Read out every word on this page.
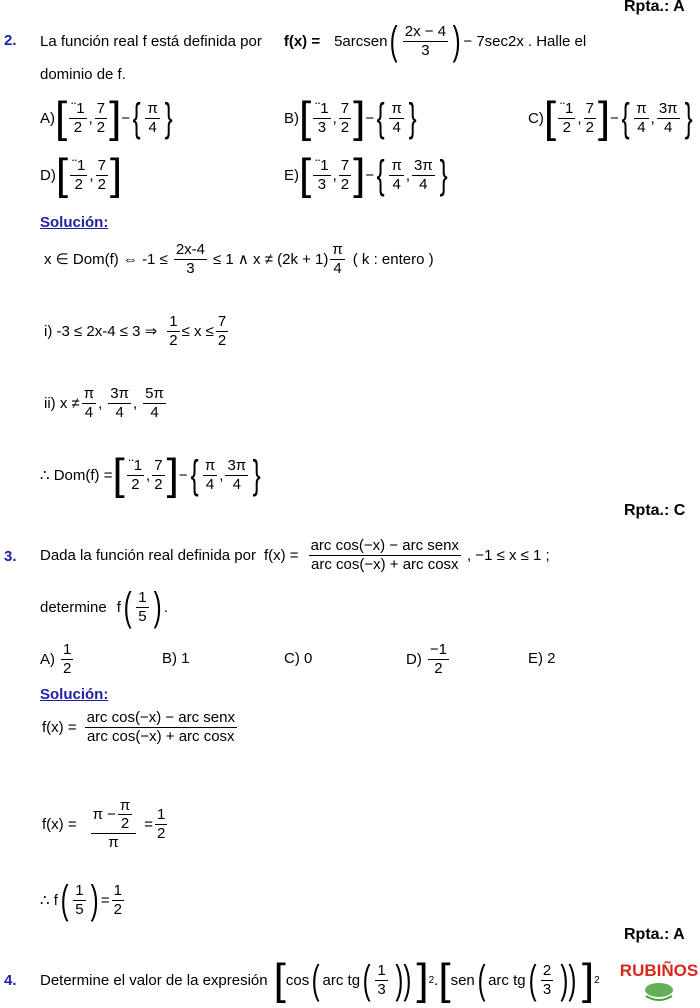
Rpta.: A
2. La función real f está definida por f(x) = 5arcsen ( $\frac{2x - 4}{3}$ ) − 7sec2x . Halle el
dominio de f.
A) [ $\frac{¨1}{2}$ , $\frac{7}{2}$ ] − { $\frac{\pi}{4}$ }	B) [ $\frac{¨1}{3}$ , $\frac{7}{2}$ ] − { $\frac{\pi}{4}$ }	C) [ $\frac{¨1}{2}$ , $\frac{7}{2}$ ] − { $\frac{\pi}{4}$ , $\frac{3\pi}{4}$ }
D) [ $\frac{¨1}{2}$ , $\frac{7}{2}$ ]	E) [ $\frac{¨1}{3}$ , $\frac{7}{2}$ ] − { $\frac{\pi}{4}$ , $\frac{3\pi}{4}$ }
Solución:
x ∈ Dom(f) ⇔ $-1 \le \frac{2x-4}{3} \le 1$ ∧ $x \ne (2k + 1) \frac{\pi}{4}$ ( k : entero )
i) -3 ≤ 2x-4 ≤ 3 ⇒ $\frac{1}{2} \le x \le \frac{7}{2}$
ii) $x \ne \frac{\pi}{4}$ , $\frac{3\pi}{4}$ , $\frac{5\pi}{4}$
∴ Dom(f) = [ $\frac{¨1}{2}$ , $\frac{7}{2}$ ] − { $\frac{\pi}{4}$ , $\frac{3\pi}{4}$ }
Rpta.: C
3. Dada la función real definida por $f(x) = \frac{\text{arc cos(−x) − arc senx}}{\text{arc cos(−x) + arc cosx}}$ , −1 ≤ x ≤ 1 ;
determine f ( $\frac{1}{5}$ ) .
$A) \frac{1}{2}$	B) 1	C) 0	$D) \frac{-1}{2}$	E) 2
Solución:
$f(x) = \frac{\text{arc cos(−x) − arc senx}}{\text{arc cos(−x) + arc cosx}}$
$f(x) = \frac{\pi - \frac{\pi}{2}}{\pi} = \frac{1}{2}$
∴ f ( $\frac{1}{5}$ ) = $\frac{1}{2}$
Rpta.: A
4. Determine el valor de la expresión [ cos ( arc tg ( $\frac{1}{3}$ )) ] 2 . [ sen ( arc tg ( $\frac{2}{3}$ )) ] 2 RUBIÑOS
